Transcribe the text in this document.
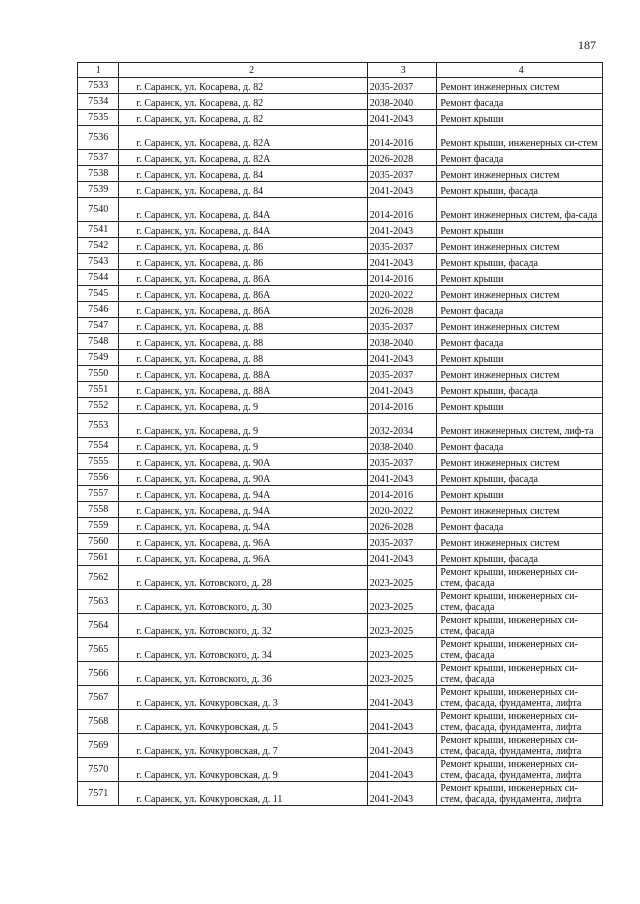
187
1	2	3	4
7533	г. Саранск, ул. Косарева, д. 82	2035-2037	Ремонт инженерных систем
7534	г. Саранск, ул. Косарева, д. 82	2038-2040	Ремонт фасада
7535	г. Саранск, ул. Косарева, д. 82	2041-2043	Ремонт крыши
7536	г. Саранск, ул. Косарева, д. 82А	2014-2016	Ремонт крыши, инженерных си-стем
7537	г. Саранск, ул. Косарева, д. 82А	2026-2028	Ремонт фасада
7538	г. Саранск, ул. Косарева, д. 84	2035-2037	Ремонт инженерных систем
7539	г. Саранск, ул. Косарева, д. 84	2041-2043	Ремонт крыши, фасада
7540	г. Саранск, ул. Косарева, д. 84А	2014-2016	Ремонт инженерных систем, фа-сада
7541	г. Саранск, ул. Косарева, д. 84А	2041-2043	Ремонт крыши
7542	г. Саранск, ул. Косарева, д. 86	2035-2037	Ремонт инженерных систем
7543	г. Саранск, ул. Косарева, д. 86	2041-2043	Ремонт крыши, фасада
7544	г. Саранск, ул. Косарева, д. 86А	2014-2016	Ремонт крыши
7545	г. Саранск, ул. Косарева, д. 86А	2020-2022	Ремонт инженерных систем
7546	г. Саранск, ул. Косарева, д. 86А	2026-2028	Ремонт фасада
7547	г. Саранск, ул. Косарева, д. 88	2035-2037	Ремонт инженерных систем
7548	г. Саранск, ул. Косарева, д. 88	2038-2040	Ремонт фасада
7549	г. Саранск, ул. Косарева, д. 88	2041-2043	Ремонт крыши
7550	г. Саранск, ул. Косарева, д. 88А	2035-2037	Ремонт инженерных систем
7551	г. Саранск, ул. Косарева, д. 88А	2041-2043	Ремонт крыши, фасада
7552	г. Саранск, ул. Косарева, д. 9	2014-2016	Ремонт крыши
7553	г. Саранск, ул. Косарева, д. 9	2032-2034	Ремонт инженерных систем, лиф-та
7554	г. Саранск, ул. Косарева, д. 9	2038-2040	Ремонт фасада
7555	г. Саранск, ул. Косарева, д. 90А	2035-2037	Ремонт инженерных систем
7556	г. Саранск, ул. Косарева, д. 90А	2041-2043	Ремонт крыши, фасада
7557	г. Саранск, ул. Косарева, д. 94А	2014-2016	Ремонт крыши
7558	г. Саранск, ул. Косарева, д. 94А	2020-2022	Ремонт инженерных систем
7559	г. Саранск, ул. Косарева, д. 94А	2026-2028	Ремонт фасада
7560	г. Саранск, ул. Косарева, д. 96А	2035-2037	Ремонт инженерных систем
7561	г. Саранск, ул. Косарева, д. 96А	2041-2043	Ремонт крыши, фасада
7562	г. Саранск, ул. Котовского, д. 28	2023-2025	Ремонт крыши, инженерных си-стем, фасада
7563	г. Саранск, ул. Котовского, д. 30	2023-2025	Ремонт крыши, инженерных си-стем, фасада
7564	г. Саранск, ул. Котовского, д. 32	2023-2025	Ремонт крыши, инженерных си-стем, фасада
7565	г. Саранск, ул. Котовского, д. 34	2023-2025	Ремонт крыши, инженерных си-стем, фасада
7566	г. Саранск, ул. Котовского, д. 36	2023-2025	Ремонт крыши, инженерных си-стем, фасада
7567	г. Саранск, ул. Кочкуровская, д. 3	2041-2043	Ремонт крыши, инженерных си-стем, фасада, фундамента, лифта
7568	г. Саранск, ул. Кочкуровская, д. 5	2041-2043	Ремонт крыши, инженерных си-стем, фасада, фундамента, лифта
7569	г. Саранск, ул. Кочкуровская, д. 7	2041-2043	Ремонт крыши, инженерных си-стем, фасада, фундамента, лифта
7570	г. Саранск, ул. Кочкуровская, д. 9	2041-2043	Ремонт крыши, инженерных си-стем, фасада, фундамента, лифта
7571	г. Саранск, ул. Кочкуровская, д. 11	2041-2043	Ремонт крыши, инженерных си-стем, фасада, фундамента, лифта
